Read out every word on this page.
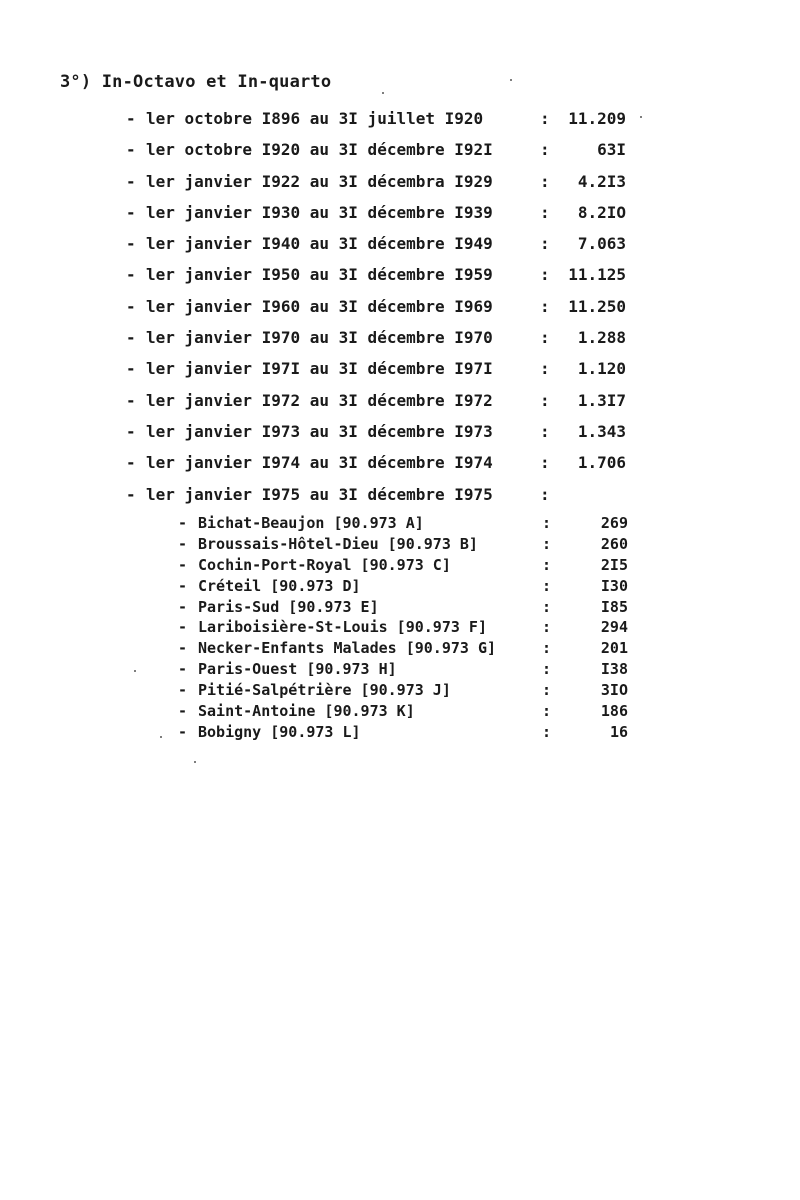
3°) In-Octavo et In-quarto
- ler octobre I896 au 3I juillet I920	: 11.209
- ler octobre I920 au 3I décembre I92I	:	63I
- ler janvier I922 au 3I décembra I929	: 4.2I3
- ler janvier I930 au 3I décembre I939	: 8.2IO
- ler janvier I940 au 3I décembre I949	: 7.063
- ler janvier I950 au 3I décembre I959	: 11.125
- ler janvier I960 au 3I décembre I969	: 11.250
- ler janvier I970 au 3I décembre I970	: 1.288
- ler janvier I97I au 3I décembre I97I	: 1.120
- ler janvier I972 au 3I décembre I972	: 1.3I7
- ler janvier I973 au 3I décembre I973	: 1.343
- ler janvier I974 au 3I décembre I974	: 1.706
- ler janvier I975 au 3I décembre I975	:
- Bichat-Beaujon [90.973 A]	:	269
- Broussais-Hôtel-Dieu [90.973 B]	:	260
- Cochin-Port-Royal [90.973 C]	:	2I5
- Créteil [90.973 D]	:	I30
- Paris-Sud [90.973 E]	:	I85
- Lariboisière-St-Louis [90.973 F]	:	294
- Necker-Enfants Malades [90.973 G]	:	201
- Paris-Ouest [90.973 H]	:	I38
- Pitié-Salpétrière [90.973 J]	:	3IO
- Saint-Antoine [90.973 K]	:	186
- Bobigny [90.973 L]	:	16
